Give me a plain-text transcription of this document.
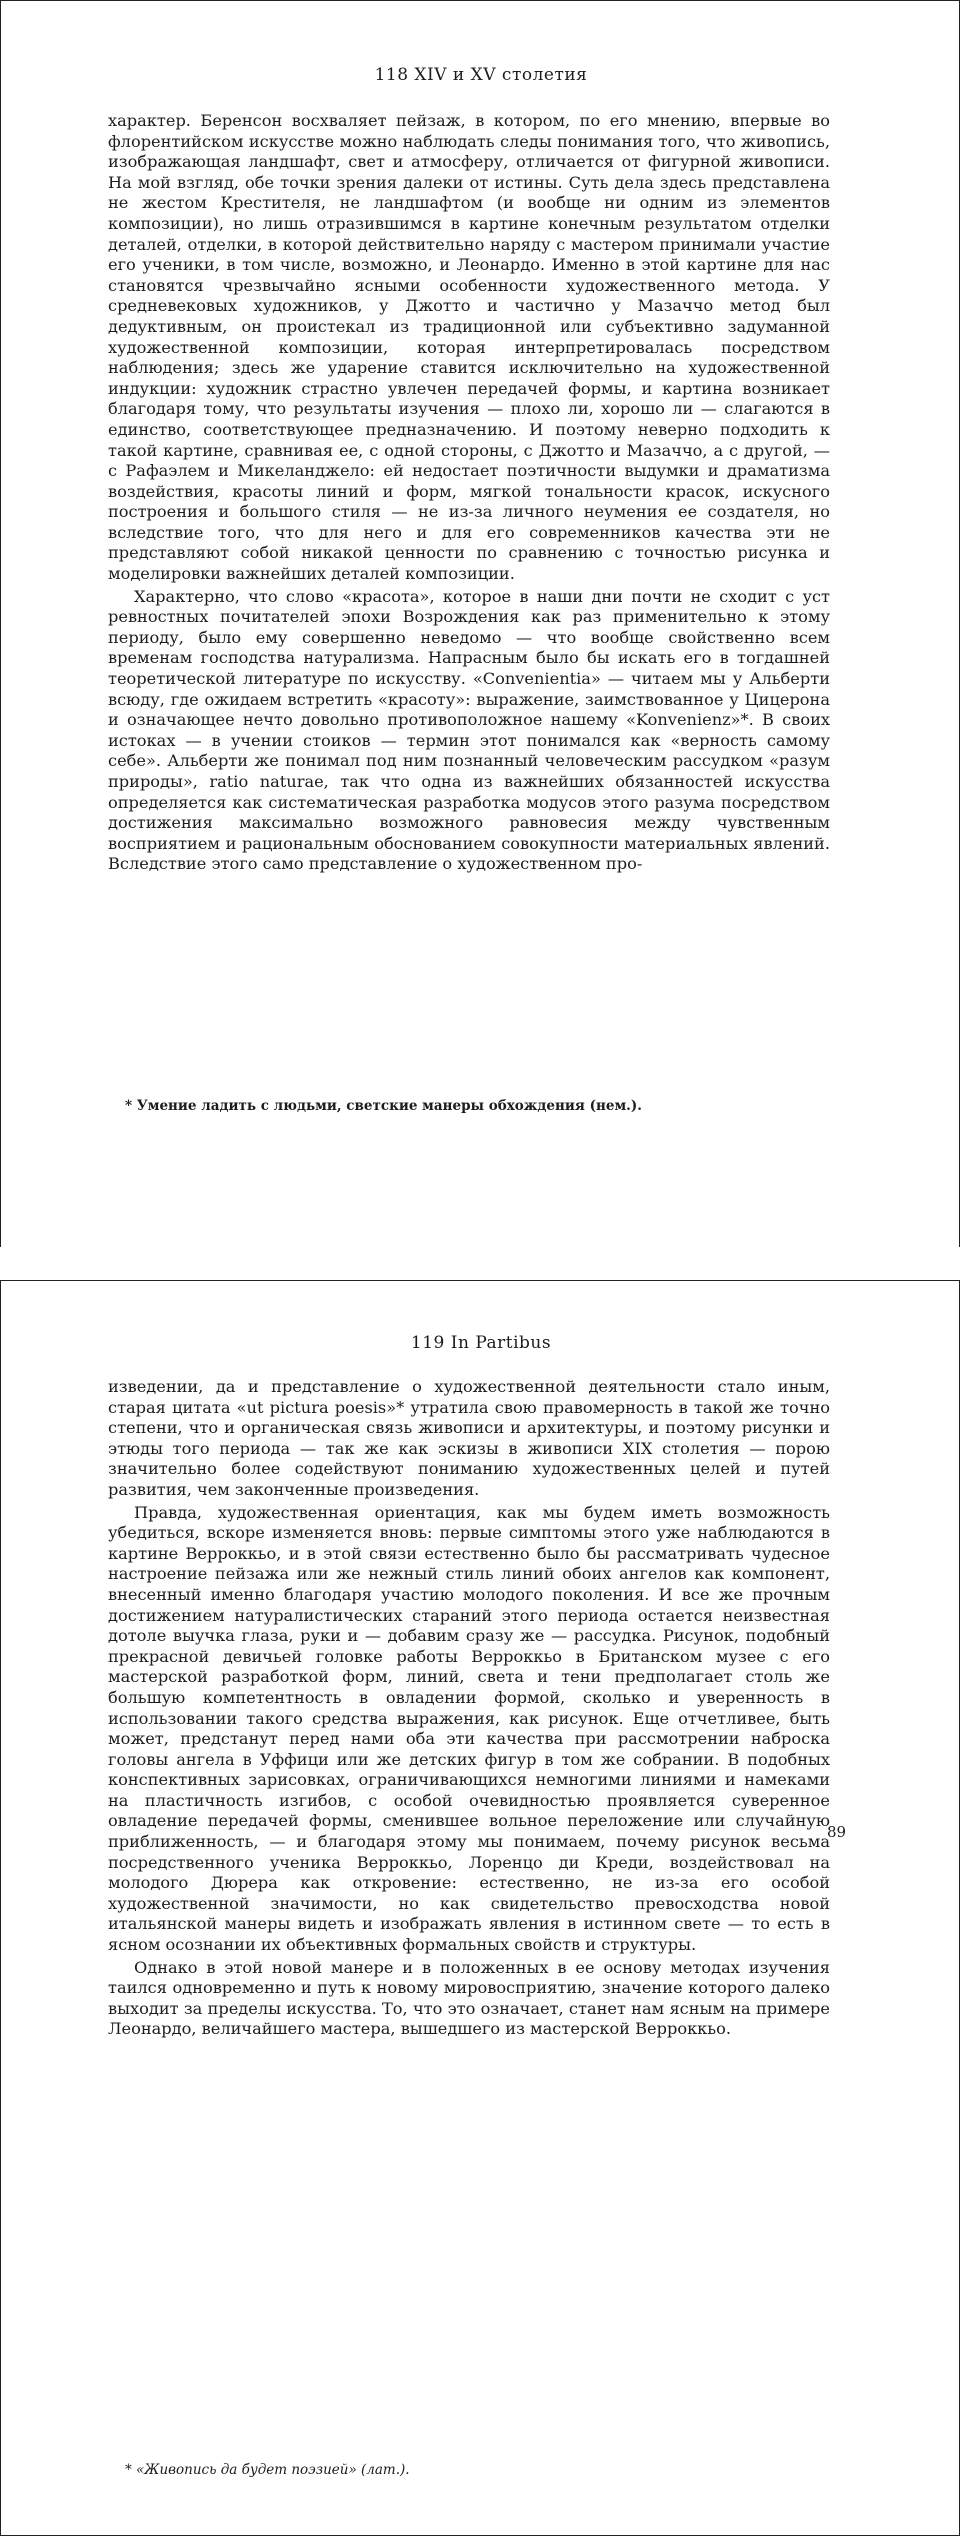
118 XIV и XV столетия

характер. Беренсон восхваляет пейзаж, в котором, по его мнению, впервые во флорентийском искусстве можно наблюдать следы понимания того, что живопись, изображающая ландшафт, свет и атмосферу, отличается от фигурной живописи. На мой взгляд, обе точки зрения далеки от истины. Суть дела здесь представлена не жестом Крестителя, не ландшафтом (и вообще ни одним из элементов композиции), но лишь отразившимся в картине конечным результатом отделки деталей, отделки, в которой действительно наряду с мастером принимали участие его ученики, в том числе, возможно, и Леонардо. Именно в этой картине для нас становятся чрезвычайно ясными особенности художественного метода. У средневековых художников, у Джотто и частично у Мазаччо метод был дедуктивным, он проистекал из традиционной или субъективно задуманной художественной композиции, которая интерпретировалась посредством наблюдения; здесь же ударение ставится исключительно на художественной индукции: художник страстно увлечен передачей формы, и картина возникает благодаря тому, что результаты изучения — плохо ли, хорошо ли — слагаются в единство, соответствующее предназначению. И поэтому неверно подходить к такой картине, сравнивая ее, с одной стороны, с Джотто и Мазаччо, а с другой, — с Рафаэлем и Микеланджело: ей недостает поэтичности выдумки и драматизма воздействия, красоты линий и форм, мягкой тональности красок, искусного построения и большого стиля — не из-за личного неумения ее создателя, но вследствие того, что для него и для его современников качества эти не представляют собой никакой ценности по сравнению с точностью рисунка и моделировки важнейших деталей композиции.

Характерно, что слово «красота», которое в наши дни почти не сходит с уст ревностных почитателей эпохи Возрождения как раз применительно к этому периоду, было ему совершенно неведомо — что вообще свойственно всем временам господства натурализма. Напрасным было бы искать его в тогдашней теоретической литературе по искусству. «Convenientia» — читаем мы у Альберти всюду, где ожидаем встретить «красоту»: выражение, заимствованное у Цицерона и означающее нечто довольно противоположное нашему «Konvenienz»*. В своих истоках — в учении стоиков — термин этот понимался как «верность самому себе». Альберти же понимал под ним познанный человеческим рассудком «разум природы», ratio naturae, так что одна из важнейших обязанностей искусства определяется как систематическая разработка модусов этого разума посредством достижения максимально возможного равновесия между чувственным восприятием и рациональным обоснованием совокупности материальных явлений. Вследствие этого само представление о художественном про-

* Умение ладить с людьми, светские манеры обхождения (нем.).
119 In Partibus

изведении, да и представление о художественной деятельности стало иным, старая цитата «ut pictura poesis»* утратила свою правомерность в такой же точно степени, что и органическая связь живописи и архитектуры, и поэтому рисунки и этюды того периода — так же как эскизы в живописи XIX столетия — порою значительно более содействуют пониманию художественных целей и путей развития, чем законченные произведения.

Правда, художественная ориентация, как мы будем иметь возможность убедиться, вскоре изменяется вновь: первые симптомы этого уже наблюдаются в картине Верроккьо, и в этой связи естественно было бы рассматривать чудесное настроение пейзажа или же нежный стиль линий обоих ангелов как компонент, внесенный именно благодаря участию молодого поколения. И все же прочным достижением натуралистических стараний этого периода остается неизвестная дотоле выучка глаза, руки и — добавим сразу же — рассудка. Рисунок, подобный прекрасной девичьей головке работы Верроккьо в Британском музее с его мастерской разработкой форм, линий, света и тени предполагает столь же большую компетентность в овладении формой, сколько и уверенность в использовании такого средства выражения, как рисунок. Еще отчетливее, быть может, предстанут перед нами оба эти качества при рассмотрении наброска головы ангела в Уффици или же детских фигур в том же собрании. В подобных конспективных зарисовках, ограничивающихся немногими линиями и намеками на пластичность изгибов, с особой очевидностью проявляется суверенное овладение передачей формы, сменившее вольное переложение или случайную приближенность, — и благодаря этому мы понимаем, почему рисунок весьма посредственного ученика Верроккьо, Лоренцо ди Креди, воздействовал на молодого Дюрера как откровение: естественно, не из-за его особой художественной значимости, но как свидетельство превосходства новой итальянской манеры видеть и изображать явления в истинном свете — то есть в ясном осознании их объективных формальных свойств и структуры.

Однако в этой новой манере и в положенных в ее основу методах изучения таился одновременно и путь к новому мировосприятию, значение которого далеко выходит за пределы искусства. То, что это означает, станет нам ясным на примере Леонардо, величайшего мастера, вышедшего из мастерской Верроккьо.

89
* «Живопись да будет поэзией» (лат.).
